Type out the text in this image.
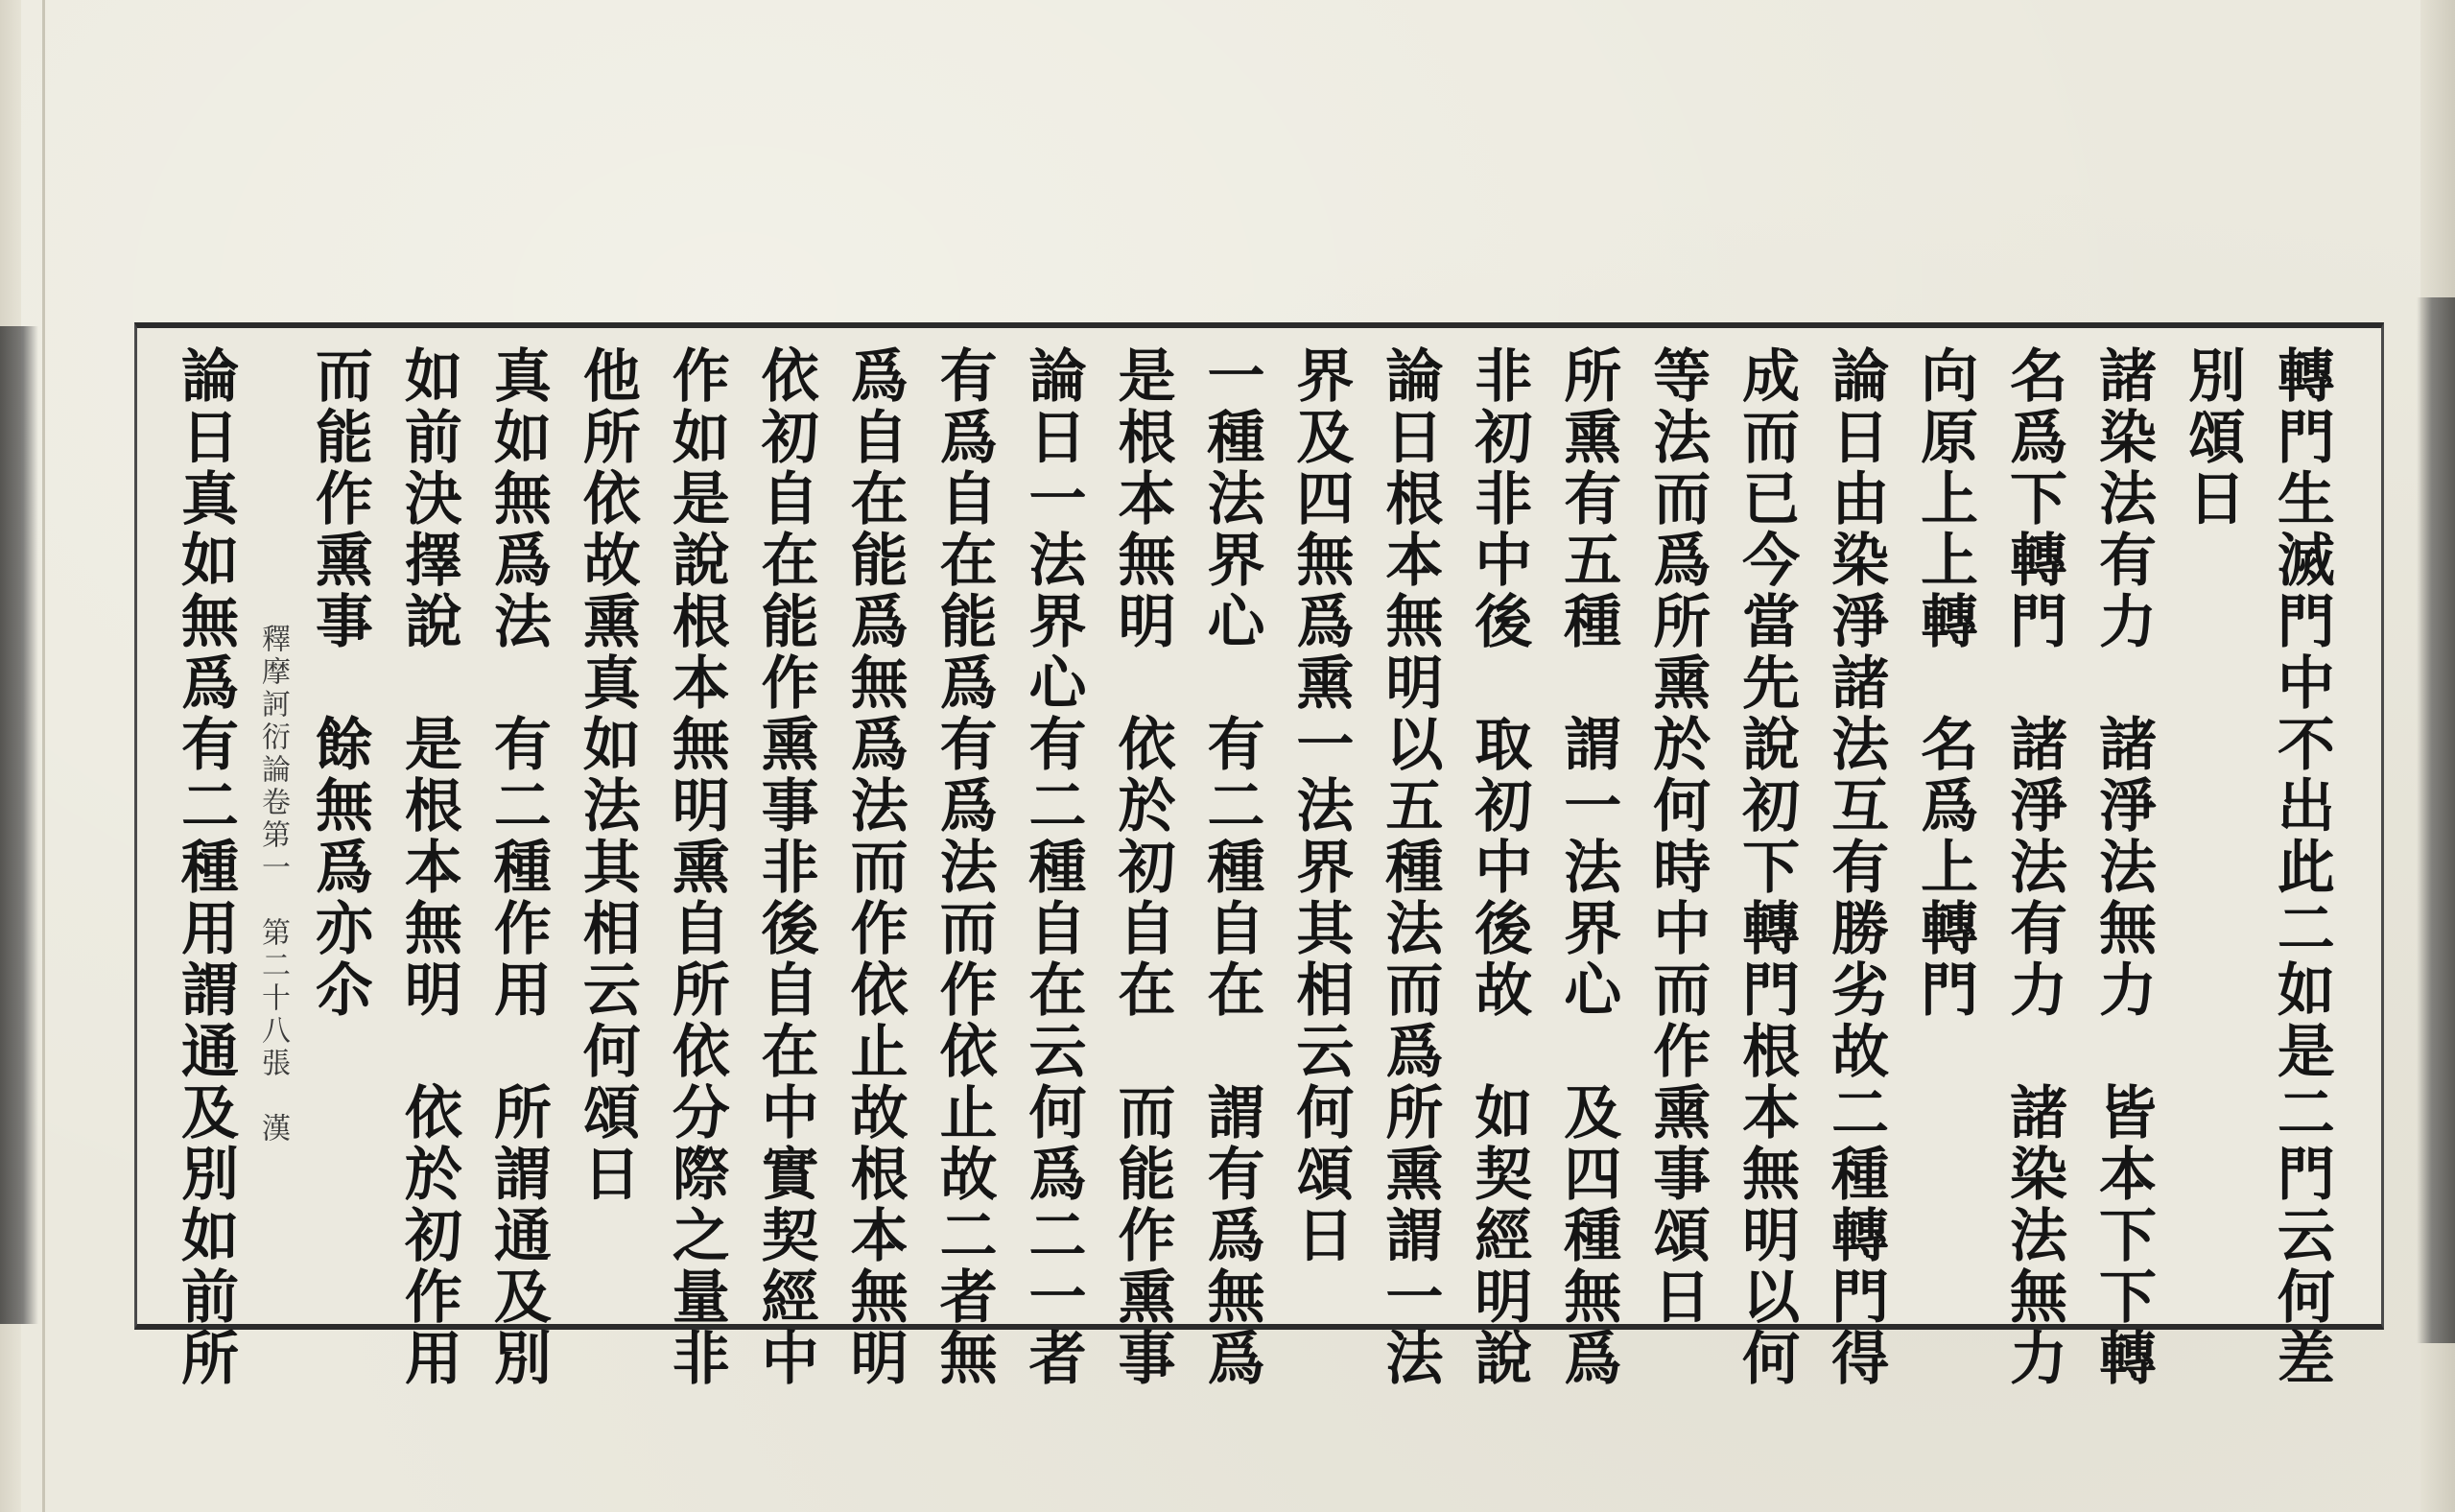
轉門生滅門中不出此二如是二門云何差
別頌日
諸染法有力　諸淨法無力　皆本下下轉
名爲下轉門　諸淨法有力　諸染法無力
向原上上轉　名爲上轉門
論日由染淨諸法互有勝劣故二種轉門得
成而已今當先說初下轉門根本無明以何
等法而爲所熏於何時中而作熏事頌日
所熏有五種　謂一法界心　及四種無爲
非初非中後　取初中後故　如契經明說
論日根本無明以五種法而爲所熏謂一法
界及四無爲熏一法界其相云何頌日
一種法界心　有二種自在　謂有爲無爲
是根本無明　依於初自在　而能作熏事
論日一法界心有二種自在云何爲二一者
有爲自在能爲有爲法而作依止故二者無
爲自在能爲無爲法而作依止故根本無明
依初自在能作熏事非後自在中實契經中
作如是說根本無明熏自所依分際之量非
他所依故熏真如法其相云何頌日
真如無爲法　有二種作用　所謂通及別
如前決擇說　是根本無明　依於初作用
而能作熏事　餘無爲亦尒
釋摩訶衍論卷第一　第二十八張　漢
論日真如無爲有二種用謂通及別如前所
